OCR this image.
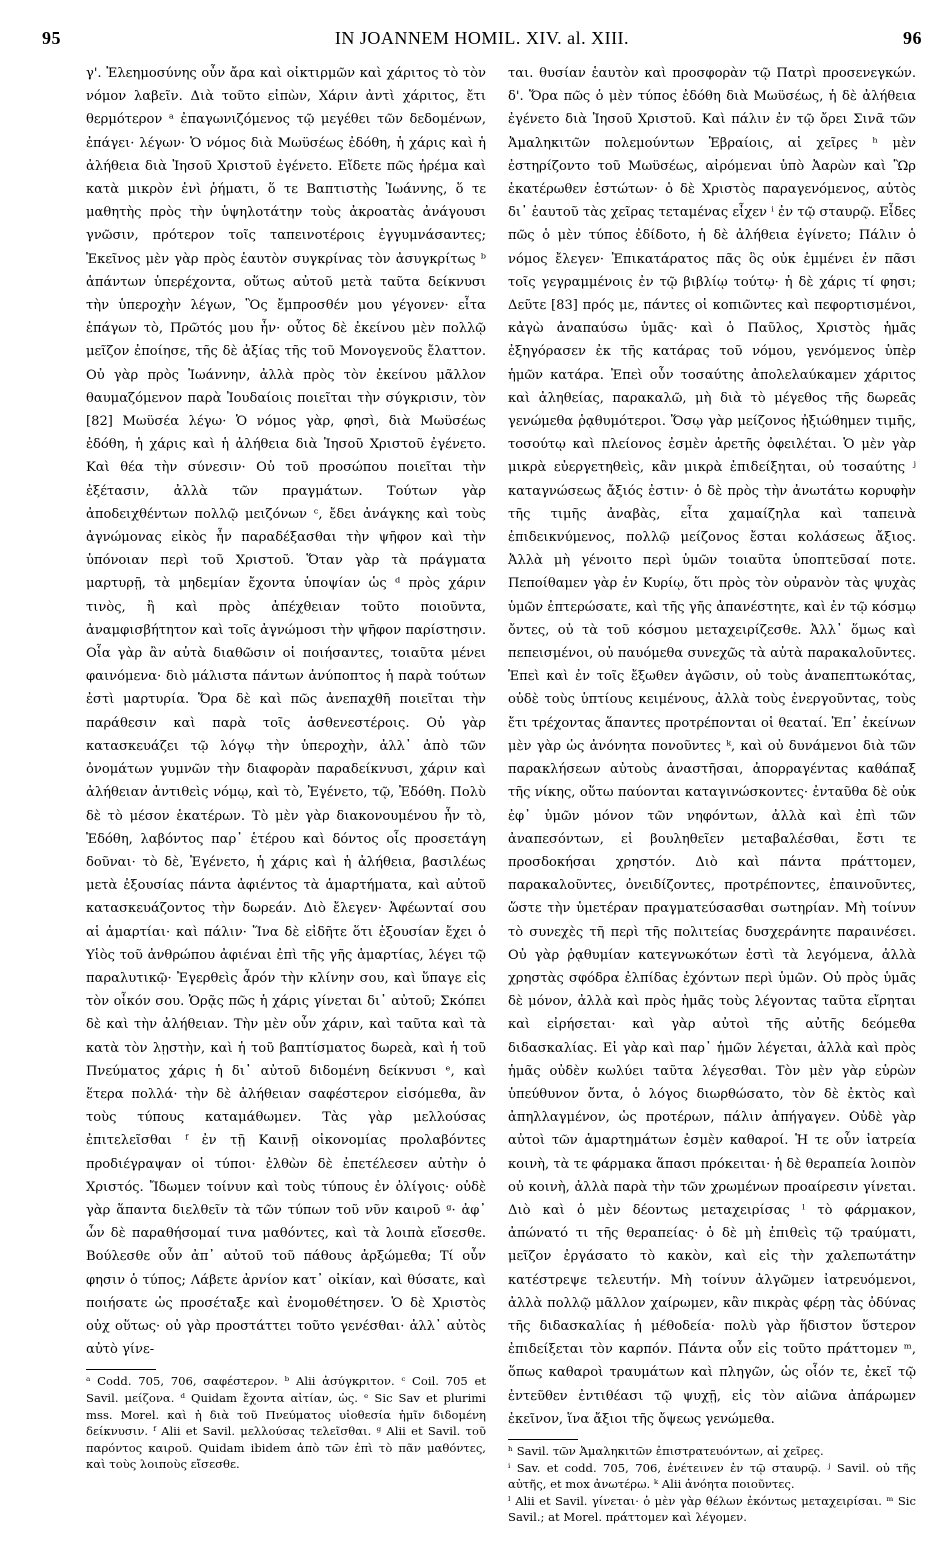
95	IN JOANNEM HOMIL. XIV. al. XIII.	96

γ'. Ἐλεημοσύνης οὖν ἄρα καὶ οἰκτιρμῶν καὶ χάριτος τὸ τὸν νόμον λαβεῖν. Διὰ τοῦτο εἰπὼν, Χάριν ἀντὶ χάριτος, ἔτι θερμότερον ᵃ ἐπαγωνιζόμενος τῷ μεγέθει τῶν δεδομένων, ἐπάγει· λέγων· Ὁ νόμος διὰ Μωϋσέως ἐδόθη, ἡ χάρις καὶ ἡ ἀλήθεια διὰ Ἰησοῦ Χριστοῦ ἐγένετο. Εἴδετε πῶς ἠρέμα καὶ κατὰ μικρὸν ἑνὶ ῥήματι, ὅ τε Βαπτιστὴς Ἰωάννης, ὅ τε μαθητὴς πρὸς τὴν ὑψηλοτάτην τοὺς ἀκροατὰς ἀνάγουσι γνῶσιν, πρότερον τοῖς ταπεινοτέροις ἐγγυμνάσαντες; Ἐκεῖνος μὲν γὰρ πρὸς ἑαυτὸν συγκρίνας τὸν ἀσυγκρίτως ᵇ ἁπάντων ὑπερέχοντα, οὕτως αὐτοῦ μετὰ ταῦτα δείκνυσι τὴν ὑπεροχὴν λέγων, Ὃς ἔμπροσθέν μου γέγονεν· εἶτα ἐπάγων τὸ, Πρῶτός μου ἦν· οὗτος δὲ ἐκείνου μὲν πολλῷ μεῖζον ἐποίησε, τῆς δὲ ἀξίας τῆς τοῦ Μονογενοῦς ἔλαττον. Οὐ γὰρ πρὸς Ἰωάννην, ἀλλὰ πρὸς τὸν ἐκείνου μᾶλλον θαυμαζόμενον παρὰ Ἰουδαίοις ποιεῖται τὴν σύγκρισιν, τὸν [82] Μωϋσέα λέγω· Ὁ νόμος γὰρ, φησὶ, διὰ Μωϋσέως ἐδόθη, ἡ χάρις καὶ ἡ ἀλήθεια διὰ Ἰησοῦ Χριστοῦ ἐγένετο. Καὶ θέα τὴν σύνεσιν· Οὐ τοῦ προσώπου ποιεῖται τὴν ἐξέτασιν, ἀλλὰ τῶν πραγμάτων. Τούτων γὰρ ἀποδειχθέντων πολλῷ μειζόνων ᶜ, ἔδει ἀνάγκης καὶ τοὺς ἀγνώμονας εἰκὸς ἦν παραδέξασθαι τὴν ψῆφον καὶ τὴν ὑπόνοιαν περὶ τοῦ Χριστοῦ. Ὅταν γὰρ τὰ πράγματα μαρτυρῇ, τὰ μηδεμίαν ἔχοντα ὑποψίαν ὡς ᵈ πρὸς χάριν τινὸς, ἢ καὶ πρὸς ἀπέχθειαν τοῦτο ποιοῦντα, ἀναμφισβήτητον καὶ τοῖς ἀγνώμοσι τὴν ψῆφον παρίστησιν. Οἷα γὰρ ἂν αὐτὰ διαθῶσιν οἱ ποιήσαντες, τοιαῦτα μένει φαινόμενα· διὸ μάλιστα πάντων ἀνύποπτος ἡ παρὰ τούτων ἐστὶ μαρτυρία. Ὅρα δὲ καὶ πῶς ἀνεπαχθῆ ποιεῖται τὴν παράθεσιν καὶ παρὰ τοῖς ἀσθενεστέροις. Οὐ γὰρ κατασκευάζει τῷ λόγῳ τὴν ὑπεροχὴν, ἀλλ᾽ ἀπὸ τῶν ὀνομάτων γυμνῶν τὴν διαφορὰν παραδείκνυσι, χάριν καὶ ἀλήθειαν ἀντιθεὶς νόμῳ, καὶ τὸ, Ἐγένετο, τῷ, Ἐδόθη. Πολὺ δὲ τὸ μέσον ἑκατέρων. Τὸ μὲν γὰρ διακονουμένου ἦν τὸ, Ἐδόθη, λαβόντος παρ᾽ ἑτέρου καὶ δόντος οἷς προσετάγη δοῦναι· τὸ δὲ, Ἐγένετο, ἡ χάρις καὶ ἡ ἀλήθεια, βασιλέως μετὰ ἐξουσίας πάντα ἀφιέντος τὰ ἁμαρτήματα, καὶ αὐτοῦ κατασκευάζοντος τὴν δωρεάν. Διὸ ἔλεγεν· Ἀφέωνταί σου αἱ ἁμαρτίαι· καὶ πάλιν· Ἵνα δὲ εἰδῆτε ὅτι ἐξουσίαν ἔχει ὁ Υἱὸς τοῦ ἀνθρώπου ἀφιέναι ἐπὶ τῆς γῆς ἁμαρτίας, λέγει τῷ παραλυτικῷ· Ἐγερθεὶς ἆρόν τὴν κλίνην σου, καὶ ὕπαγε εἰς τὸν οἶκόν σου. Ὁρᾷς πῶς ἡ χάρις γίνεται δι᾽ αὐτοῦ; Σκόπει δὲ καὶ τὴν ἀλήθειαν. Τὴν μὲν οὖν χάριν, καὶ ταῦτα καὶ τὰ κατὰ τὸν λῃστὴν, καὶ ἡ τοῦ βαπτίσματος δωρεὰ, καὶ ἡ τοῦ Πνεύματος χάρις ἡ δι᾽ αὐτοῦ διδομένη δείκνυσι ᵉ, καὶ ἕτερα πολλά· τὴν δὲ ἀλήθειαν σαφέστερον εἰσόμεθα, ἂν τοὺς τύπους καταμάθωμεν. Τὰς γὰρ μελλούσας ἐπιτελεῖσθαι ᶠ ἐν τῇ Καινῇ οἰκονομίας προλαβόντες προδιέγραψαν οἱ τύποι· ἐλθὼν δὲ ἐπετέλεσεν αὐτὴν ὁ Χριστός. Ἴδωμεν τοίνυν καὶ τοὺς τύπους ἐν ὀλίγοις· οὐδὲ γὰρ ἅπαντα διελθεῖν τὰ τῶν τύπων τοῦ νῦν καιροῦ ᵍ· ἀφ᾽ ὧν δὲ παραθήσομαί τινα μαθόντες, καὶ τὰ λοιπὰ εἴσεσθε. Βούλεσθε οὖν ἀπ᾽ αὐτοῦ τοῦ πάθους ἀρξώμεθα; Τί οὖν φησιν ὁ τύπος; Λάβετε ἀρνίον κατ᾽ οἰκίαν, καὶ θύσατε, καὶ ποιήσατε ὡς προσέταξε καὶ ἐνομοθέτησεν. Ὁ δὲ Χριστὸς οὐχ οὕτως· οὐ γὰρ προστάττει τοῦτο γενέσθαι· ἀλλ᾽ αὐτὸς αὐτὸ γίνε-

ᵃ Codd. 705, 706, σαφέστερον. ᵇ Alii ἀσύγκριτον. ᶜ Coil. 705 et Savil. μείζονα. ᵈ Quidam ἔχοντα αἰτίαν, ὡς. ᵉ Sic Sav et plurimi mss. Morel. καὶ ἡ διὰ τοῦ Πνεύματος υἱοθεσία ἡμῖν διδομένη δείκνυσιν. ᶠ Alii et Savil. μελλούσας τελεῖσθαι. ᵍ Alii et Savil. τοῦ παρόντος καιροῦ. Quidam ibidem ἀπὸ τῶν ἐπὶ τὸ πᾶν μαθόντες, καὶ τοὺς λοιποὺς εἴσεσθε.

ται. θυσίαν ἑαυτὸν καὶ προσφορὰν τῷ Πατρὶ προσενεγκών. δ'. Ὅρα πῶς ὁ μὲν τύπος ἐδόθη διὰ Μωϋσέως, ἡ δὲ ἀλήθεια ἐγένετο διὰ Ἰησοῦ Χριστοῦ. Καὶ πάλιν ἐν τῷ ὄρει Σινᾶ τῶν Ἀμαληκιτῶν πολεμούντων Ἑβραίοις, αἱ χεῖρες ʰ μὲν ἐστηρίζοντο τοῦ Μωϋσέως, αἰρόμεναι ὑπὸ Ἀαρὼν καὶ Ὢρ ἑκατέρωθεν ἑστώτων· ὁ δὲ Χριστὸς παραγενόμενος, αὐτὸς δι᾽ ἑαυτοῦ τὰς χεῖρας τεταμένας εἶχεν ⁱ ἐν τῷ σταυρῷ. Εἶδες πῶς ὁ μὲν τύπος ἐδίδοτο, ἡ δὲ ἀλήθεια ἐγίνετο; Πάλιν ὁ νόμος ἔλεγεν· Ἐπικατάρατος πᾶς ὃς οὐκ ἐμμένει ἐν πᾶσι τοῖς γεγραμμένοις ἐν τῷ βιβλίῳ τούτῳ· ἡ δὲ χάρις τί φησι; Δεῦτε [83] πρός με, πάντες οἱ κοπιῶντες καὶ πεφορτισμένοι, κἀγὼ ἀναπαύσω ὑμᾶς· καὶ ὁ Παῦλος, Χριστὸς ἡμᾶς ἐξηγόρασεν ἐκ τῆς κατάρας τοῦ νόμου, γενόμενος ὑπὲρ ἡμῶν κατάρα. Ἐπεὶ οὖν τοσαύτης ἀπολελαύκαμεν χάριτος καὶ ἀληθείας, παρακαλῶ, μὴ διὰ τὸ μέγεθος τῆς δωρεᾶς γενώμεθα ῥᾳθυμότεροι. Ὅσῳ γὰρ μείζονος ἠξιώθημεν τιμῆς, τοσούτῳ καὶ πλείονος ἐσμὲν ἀρετῆς ὀφειλέται. Ὁ μὲν γὰρ μικρὰ εὐεργετηθεὶς, κἂν μικρὰ ἐπιδείξηται, οὐ τοσαύτης ʲ καταγνώσεως ἄξιός ἐστιν· ὁ δὲ πρὸς τὴν ἀνωτάτω κορυφὴν τῆς τιμῆς ἀναβὰς, εἶτα χαμαίζηλα καὶ ταπεινὰ ἐπιδεικνύμενος, πολλῷ μείζονος ἔσται κολάσεως ἄξιος. Ἀλλὰ μὴ γένοιτο περὶ ὑμῶν τοιαῦτα ὑποπτεῦσαί ποτε. Πεποίθαμεν γὰρ ἐν Κυρίῳ, ὅτι πρὸς τὸν οὐρανὸν τὰς ψυχὰς ὑμῶν ἐπτερώσατε, καὶ τῆς γῆς ἀπανέστητε, καὶ ἐν τῷ κόσμῳ ὄντες, οὐ τὰ τοῦ κόσμου μεταχειρίζεσθε. Ἀλλ᾽ ὅμως καὶ πεπεισμένοι, οὐ παυόμεθα συνεχῶς τὰ αὐτὰ παρακαλοῦντες. Ἐπεὶ καὶ ἐν τοῖς ἔξωθεν ἀγῶσιν, οὐ τοὺς ἀναπεπτωκότας, οὐδὲ τοὺς ὑπτίους κειμένους, ἀλλὰ τοὺς ἐνεργοῦντας, τοὺς ἔτι τρέχοντας ἅπαντες προτρέπονται οἱ θεαταί. Ἐπ᾽ ἐκείνων μὲν γὰρ ὡς ἀνόνητα πονοῦντες ᵏ, καὶ οὐ δυνάμενοι διὰ τῶν παρακλήσεων αὐτοὺς ἀναστῆσαι, ἀπορραγέντας καθάπαξ τῆς νίκης, οὕτω παύονται καταγινώσκοντες· ἐνταῦθα δὲ οὐκ ἐφ᾽ ὑμῶν μόνον τῶν νηφόντων, ἀλλὰ καὶ ἐπὶ τῶν ἀναπεσόντων, εἰ βουληθεῖεν μεταβαλέσθαι, ἔστι τε προσδοκήσαι χρηστόν. Διὸ καὶ πάντα πράττομεν, παρακαλοῦντες, ὀνειδίζοντες, προτρέποντες, ἐπαινοῦντες, ὥστε τὴν ὑμετέραν πραγματεύσασθαι σωτηρίαν. Μὴ τοίνυν τὸ συνεχὲς τῆ περὶ τῆς πολιτείας δυσχεράνητε παραινέσει. Οὐ γὰρ ῥᾳθυμίαν κατεγνωκότων ἐστὶ τὰ λεγόμενα, ἀλλὰ χρηστὰς σφόδρα ἐλπίδας ἐχόντων περὶ ὑμῶν. Οὐ πρὸς ὑμᾶς δὲ μόνον, ἀλλὰ καὶ πρὸς ἡμᾶς τοὺς λέγοντας ταῦτα εἴρηται καὶ εἰρήσεται· καὶ γὰρ αὐτοὶ τῆς αὐτῆς δεόμεθα διδασκαλίας. Εἰ γὰρ καὶ παρ᾽ ἡμῶν λέγεται, ἀλλὰ καὶ πρὸς ἡμᾶς οὐδὲν κωλύει ταῦτα λέγεσθαι. Τὸν μὲν γὰρ εὑρὼν ὑπεύθυνον ὄντα, ὁ λόγος διωρθώσατο, τὸν δὲ ἐκτὸς καὶ ἀπηλλαγμένον, ὡς προτέρων, πάλιν ἀπήγαγεν. Οὐδὲ γὰρ αὐτοὶ τῶν ἁμαρτημάτων ἐσμὲν καθαροί. Ἡ τε οὖν ἰατρεία κοινὴ, τὰ τε φάρμακα ἅπασι πρόκειται· ἡ δὲ θεραπεία λοιπὸν οὐ κοινὴ, ἀλλὰ παρὰ τὴν τῶν χρωμένων προαίρεσιν γίνεται. Διὸ καὶ ὁ μὲν δέοντως μεταχειρίσας ˡ τὸ φάρμακον, ἀπώνατό τι τῆς θεραπείας· ὁ δὲ μὴ ἐπιθεὶς τῷ τραύματι, μεῖζον ἐργάσατο τὸ κακὸν, καὶ εἰς τὴν χαλεπωτάτην κατέστρεψε τελευτήν. Μὴ τοίνυν ἀλγῶμεν ἰατρευόμενοι, ἀλλὰ πολλῷ μᾶλλον χαίρωμεν, κἂν πικρὰς φέρῃ τὰς ὀδύνας τῆς διδασκαλίας ἡ μέθοδεία· πολὺ γὰρ ἥδιστον ὕστερον ἐπιδείξεται τὸν καρπόν. Πάντα οὖν εἰς τοῦτο πράττομεν ᵐ, ὅπως καθαροὶ τραυμάτων καὶ πληγῶν, ὡς οἷόν τε, ἐκεῖ τῷ ἐντεῦθεν ἐντιθέασι τῷ ψυχῇ, εἰς τὸν αἰῶνα ἀπάρωμεν ἐκεῖνον, ἵνα ἄξιοι τῆς ὄψεως γενώμεθα.

ʰ Savil. τῶν Ἀμαληκιτῶν ἐπιστρατευόντων, αἱ χεῖρες.

ⁱ Sav. et codd. 705, 706, ἐνέτεινεν ἐν τῷ σταυρῷ. ʲ Savil. οὐ τῆς αὐτῆς, et mox ἀνωτέρω. ᵏ Alii ἀνόητα ποιοῦντες.

ˡ Alii et Savil. γίνεται· ὁ μὲν γὰρ θέλων ἐκόντως μεταχειρίσαι. ᵐ Sic Savil.; at Morel. πράττομεν καὶ λέγομεν.
